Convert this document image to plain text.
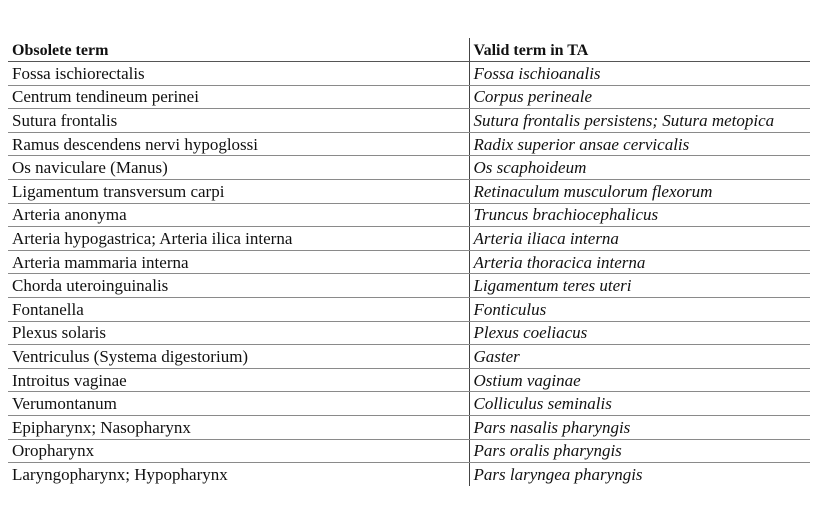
Obsolete term	Valid term in TA
Fossa ischiorectalis	Fossa ischioanalis
Centrum tendineum perinei	Corpus perineale
Sutura frontalis	Sutura frontalis persistens; Sutura metopica
Ramus descendens nervi hypoglossi	Radix superior ansae cervicalis
Os naviculare (Manus)	Os scaphoideum
Ligamentum transversum carpi	Retinaculum musculorum flexorum
Arteria anonyma	Truncus brachiocephalicus
Arteria hypogastrica; Arteria ilica interna	Arteria iliaca interna
Arteria mammaria interna	Arteria thoracica interna
Chorda uteroinguinalis	Ligamentum teres uteri
Fontanella	Fonticulus
Plexus solaris	Plexus coeliacus
Ventriculus (Systema digestorium)	Gaster
Introitus vaginae	Ostium vaginae
Verumontanum	Colliculus seminalis
Epipharynx; Nasopharynx	Pars nasalis pharyngis
Oropharynx	Pars oralis pharyngis
Laryngopharynx; Hypopharynx	Pars laryngea pharyngis
